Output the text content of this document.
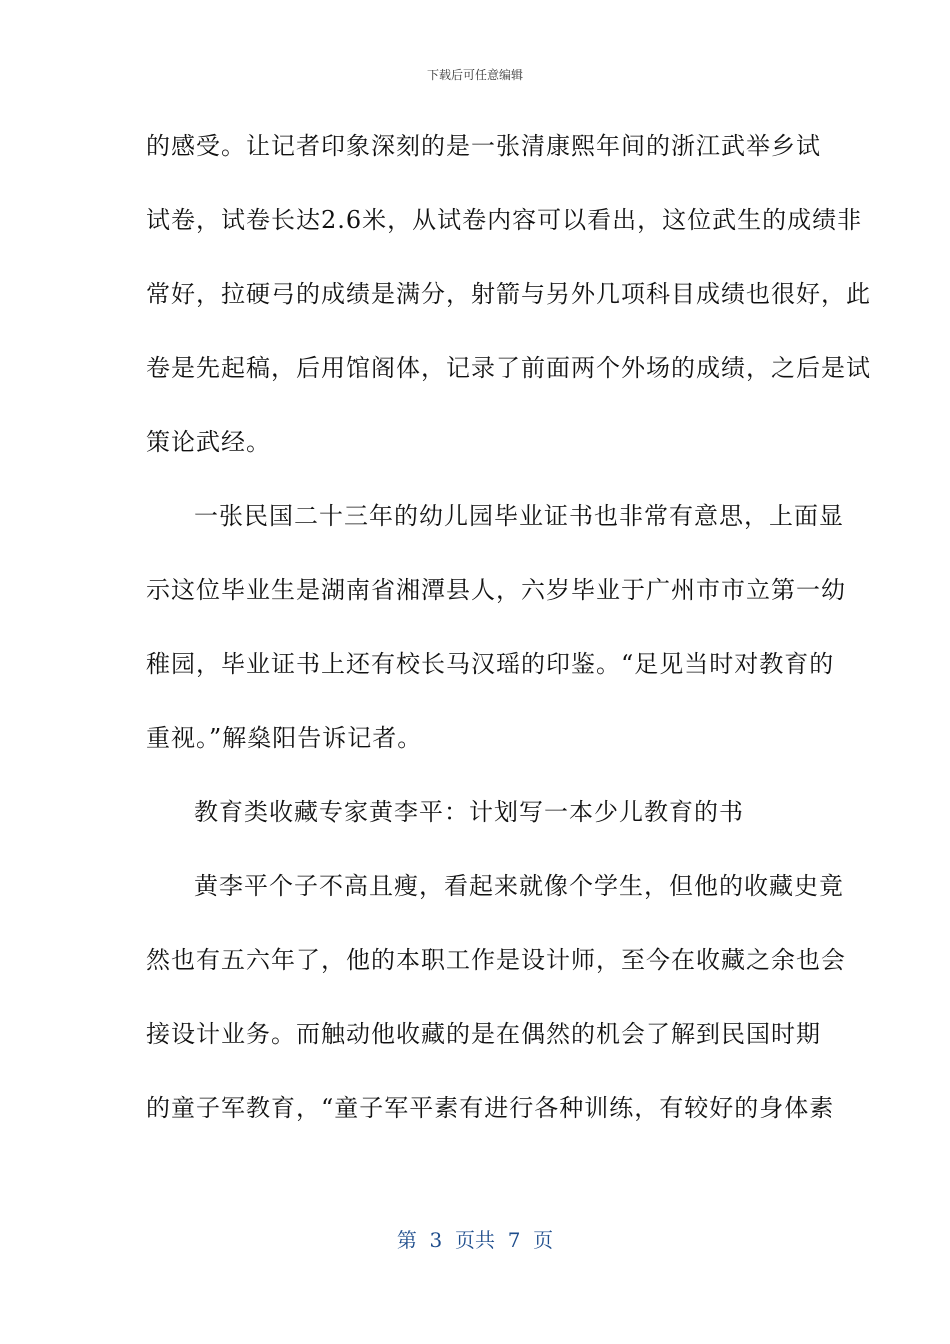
下载后可任意编辑
的感受。让记者印象深刻的是一张清康熙年间的浙江武举乡试
试卷，试卷长达2.6米，从试卷内容可以看出，这位武生的成绩非
常好，拉硬弓的成绩是满分，射箭与另外几项科目成绩也很好，此
卷是先起稿，后用馆阁体，记录了前面两个外场的成绩，之后是试
策论武经。
一张民国二十三年的幼儿园毕业证书也非常有意思，上面显
示这位毕业生是湖南省湘潭县人，六岁毕业于广州市市立第一幼
稚园，毕业证书上还有校长马汉瑶的印鉴。“足见当时对教育的
重视。”解燊阳告诉记者。
教育类收藏专家黄李平：计划写一本少儿教育的书
黄李平个子不高且瘦，看起来就像个学生，但他的收藏史竟
然也有五六年了，他的本职工作是设计师，至今在收藏之余也会
接设计业务。而触动他收藏的是在偶然的机会了解到民国时期
的童子军教育，“童子军平素有进行各种训练，有较好的身体素
第  3  页共  7  页
